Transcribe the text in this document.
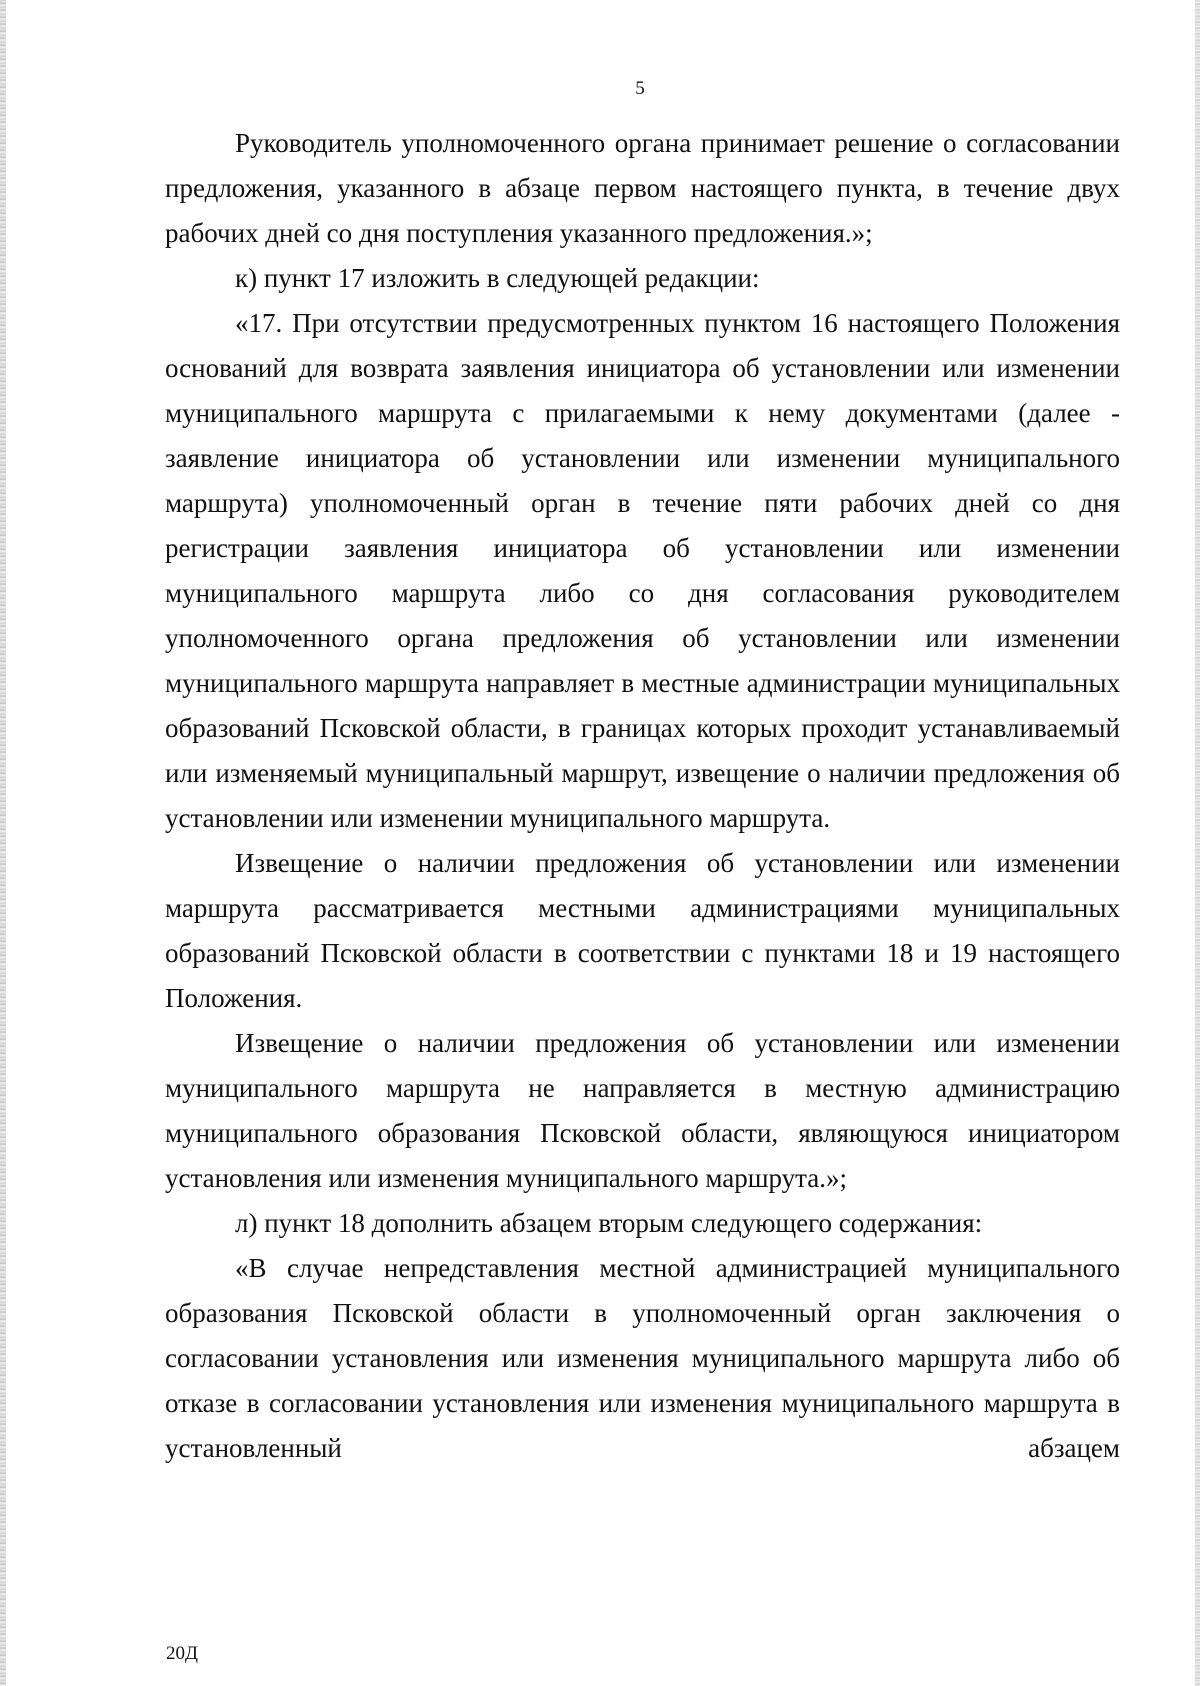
5

Руководитель уполномоченного органа принимает решение о согласовании предложения, указанного в абзаце первом настоящего пункта, в течение двух рабочих дней со дня поступления указанного предложения.»;

к) пункт 17 изложить в следующей редакции:

«17. При отсутствии предусмотренных пунктом 16 настоящего Положения оснований для возврата заявления инициатора об установлении или изменении муниципального маршрута с прилагаемыми к нему документами (далее - заявление инициатора об установлении или изменении муниципального маршрута) уполномоченный орган в течение пяти рабочих дней со дня регистрации заявления инициатора об установлении или изменении муниципального маршрута либо со дня согласования руководителем уполномоченного органа предложения об установлении или изменении муниципального маршрута направляет в местные администрации муниципальных образований Псковской области, в границах которых проходит устанавливаемый или изменяемый муниципальный маршрут, извещение о наличии предложения об установлении или изменении муниципального маршрута.

Извещение о наличии предложения об установлении или изменении маршрута рассматривается местными администрациями муниципальных образований Псковской области в соответствии с пунктами 18 и 19 настоящего Положения.

Извещение о наличии предложения об установлении или изменении муниципального маршрута не направляется в местную администрацию муниципального образования Псковской области, являющуюся инициатором установления или изменения муниципального маршрута.»;

л) пункт 18 дополнить абзацем вторым следующего содержания:

«В случае непредставления местной администрацией муниципального образования Псковской области в уполномоченный орган заключения о согласовании установления или изменения муниципального маршрута либо об отказе в согласовании установления или изменения муниципального маршрута в установленный абзацем

20Д
